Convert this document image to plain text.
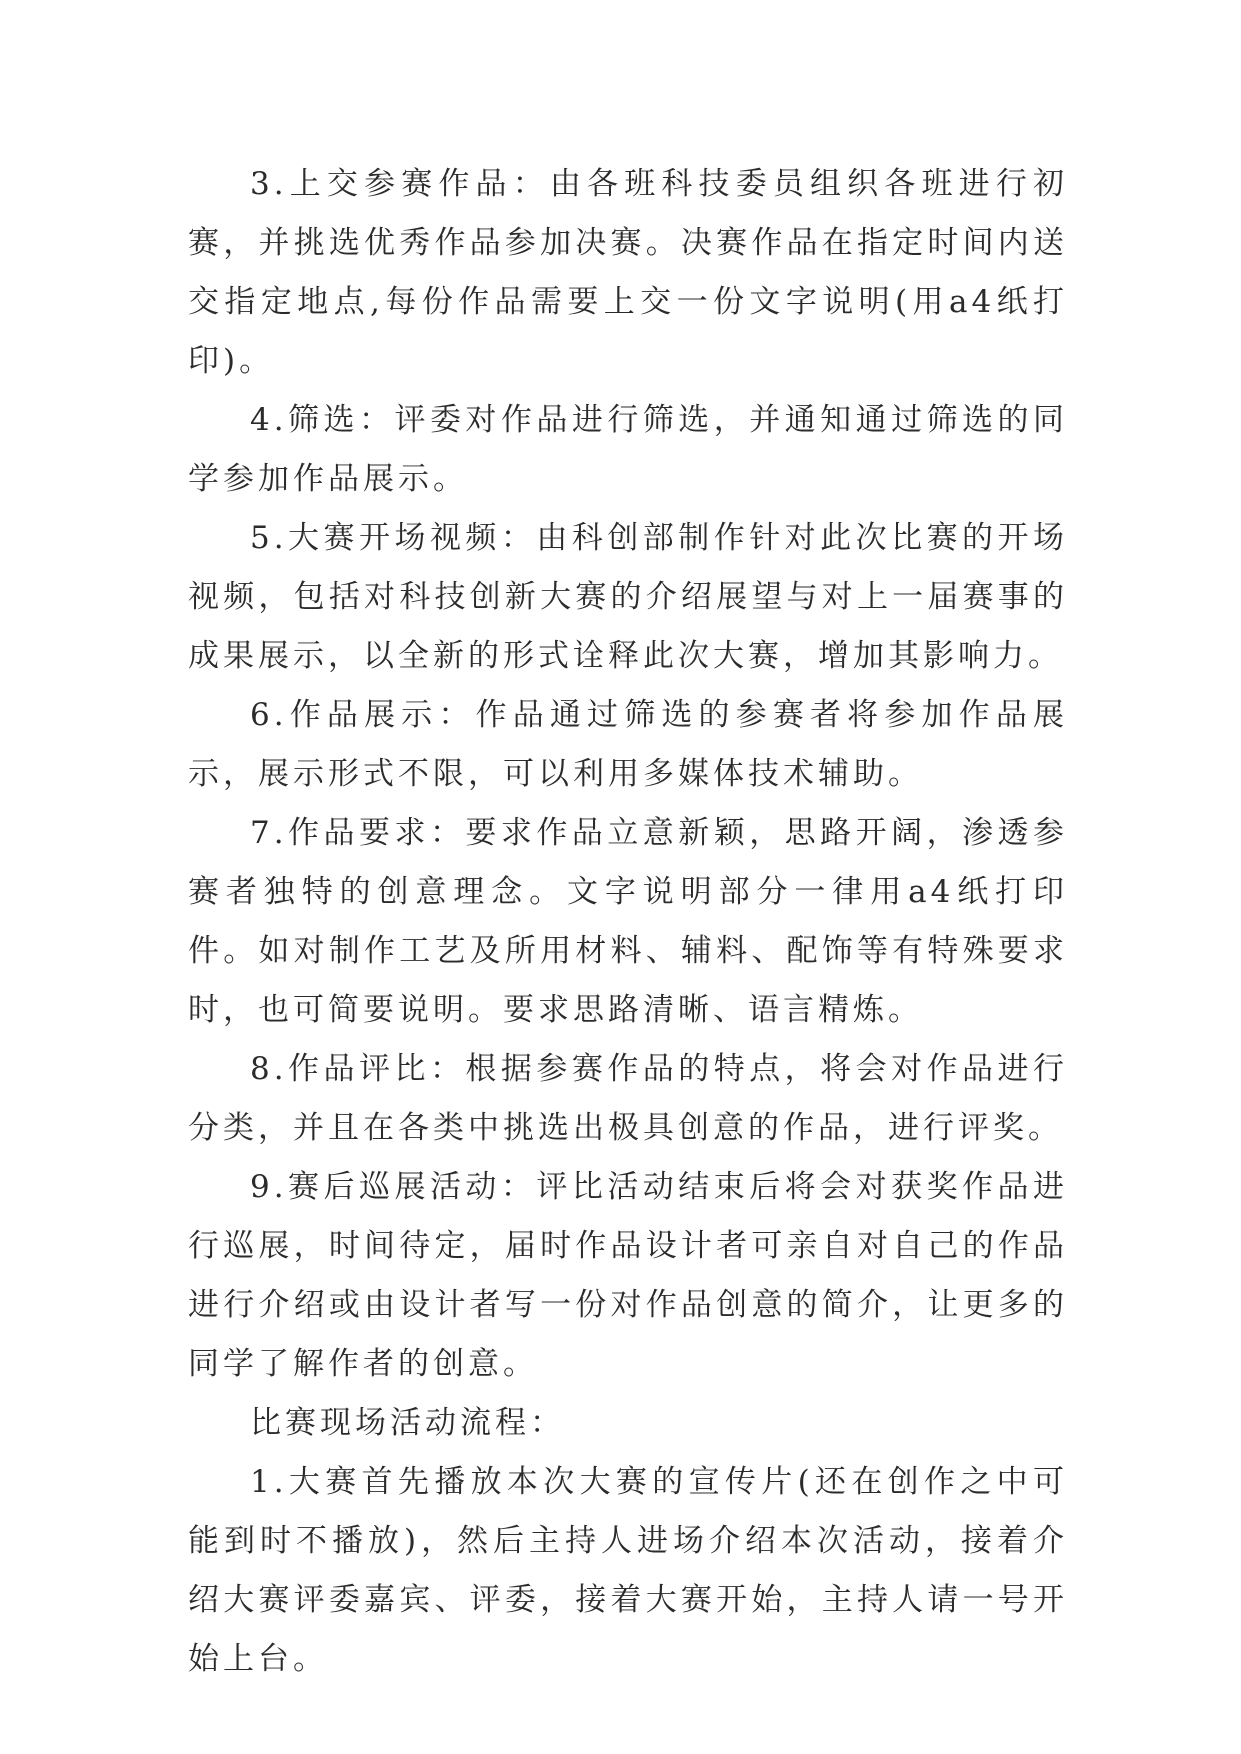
3.上交参赛作品：由各班科技委员组织各班进行初赛，并挑选优秀作品参加决赛。决赛作品在指定时间内送交指定地点,每份作品需要上交一份文字说明(用a4纸打印)。

4.筛选：评委对作品进行筛选，并通知通过筛选的同学参加作品展示。

5.大赛开场视频：由科创部制作针对此次比赛的开场视频，包括对科技创新大赛的介绍展望与对上一届赛事的成果展示，以全新的形式诠释此次大赛，增加其影响力。

6.作品展示：作品通过筛选的参赛者将参加作品展示，展示形式不限，可以利用多媒体技术辅助。

7.作品要求：要求作品立意新颖，思路开阔，渗透参赛者独特的创意理念。文字说明部分一律用a4纸打印件。如对制作工艺及所用材料、辅料、配饰等有特殊要求时，也可简要说明。要求思路清晰、语言精炼。

8.作品评比：根据参赛作品的特点，将会对作品进行分类，并且在各类中挑选出极具创意的作品，进行评奖。

9.赛后巡展活动：评比活动结束后将会对获奖作品进行巡展，时间待定，届时作品设计者可亲自对自己的作品进行介绍或由设计者写一份对作品创意的简介，让更多的同学了解作者的创意。

比赛现场活动流程：

1.大赛首先播放本次大赛的宣传片(还在创作之中可能到时不播放)，然后主持人进场介绍本次活动，接着介绍大赛评委嘉宾、评委，接着大赛开始，主持人请一号开始上台。
